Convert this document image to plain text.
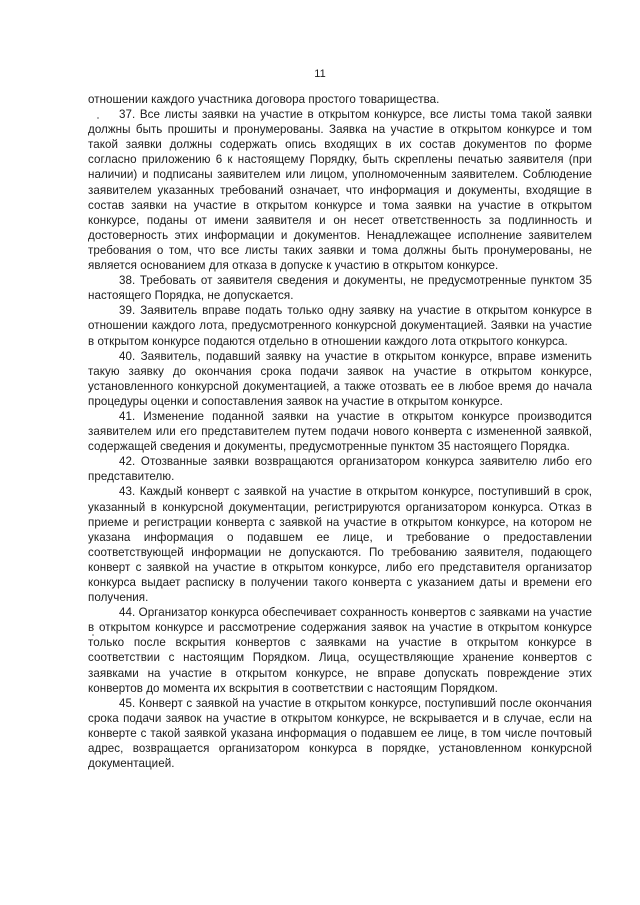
11

отношении каждого участника договора простого товарищества.

37. Все листы заявки на участие в открытом конкурсе, все листы тома такой заявки должны быть прошиты и пронумерованы. Заявка на участие в открытом конкурсе и том такой заявки должны содержать опись входящих в их состав документов по форме согласно приложению 6 к настоящему Порядку, быть скреплены печатью заявителя (при наличии) и подписаны заявителем или лицом, уполномоченным заявителем. Соблюдение заявителем указанных требований означает, что информация и документы, входящие в состав заявки на участие в открытом конкурсе и тома заявки на участие в открытом конкурсе, поданы от имени заявителя и он несет ответственность за подлинность и достоверность этих информации и документов. Ненадлежащее исполнение заявителем требования о том, что все листы таких заявки и тома должны быть пронумерованы, не является основанием для отказа в допуске к участию в открытом конкурсе.

38. Требовать от заявителя сведения и документы, не предусмотренные пунктом 35 настоящего Порядка, не допускается.

39. Заявитель вправе подать только одну заявку на участие в открытом конкурсе в отношении каждого лота, предусмотренного конкурсной документацией. Заявки на участие в открытом конкурсе подаются отдельно в отношении каждого лота открытого конкурса.

40. Заявитель, подавший заявку на участие в открытом конкурсе, вправе изменить такую заявку до окончания срока подачи заявок на участие в открытом конкурсе, установленного конкурсной документацией, а также отозвать ее в любое время до начала процедуры оценки и сопоставления заявок на участие в открытом конкурсе.

41. Изменение поданной заявки на участие в открытом конкурсе производится заявителем или его представителем путем подачи нового конверта с измененной заявкой, содержащей сведения и документы, предусмотренные пунктом 35 настоящего Порядка.

42. Отозванные заявки возвращаются организатором конкурса заявителю либо его представителю.

43. Каждый конверт с заявкой на участие в открытом конкурсе, поступивший в срок, указанный в конкурсной документации, регистрируются организатором конкурса. Отказ в приеме и регистрации конверта с заявкой на участие в открытом конкурсе, на котором не указана информация о подавшем ее лице, и требование о предоставлении соответствующей информации не допускаются. По требованию заявителя, подающего конверт с заявкой на участие в открытом конкурсе, либо его представителя организатор конкурса выдает расписку в получении такого конверта с указанием даты и времени его получения.

44. Организатор конкурса обеспечивает сохранность конвертов с заявками на участие в открытом конкурсе и рассмотрение содержания заявок на участие в открытом конкурсе только после вскрытия конвертов с заявками на участие в открытом конкурсе в соответствии с настоящим Порядком. Лица, осуществляющие хранение конвертов с заявками на участие в открытом конкурсе, не вправе допускать повреждение этих конвертов до момента их вскрытия в соответствии с настоящим Порядком.

45. Конверт с заявкой на участие в открытом конкурсе, поступивший после окончания срока подачи заявок на участие в открытом конкурсе, не вскрывается и в случае, если на конверте с такой заявкой указана информация о подавшем ее лице, в том числе почтовый адрес, возвращается организатором конкурса в порядке, установленном конкурсной документацией.
